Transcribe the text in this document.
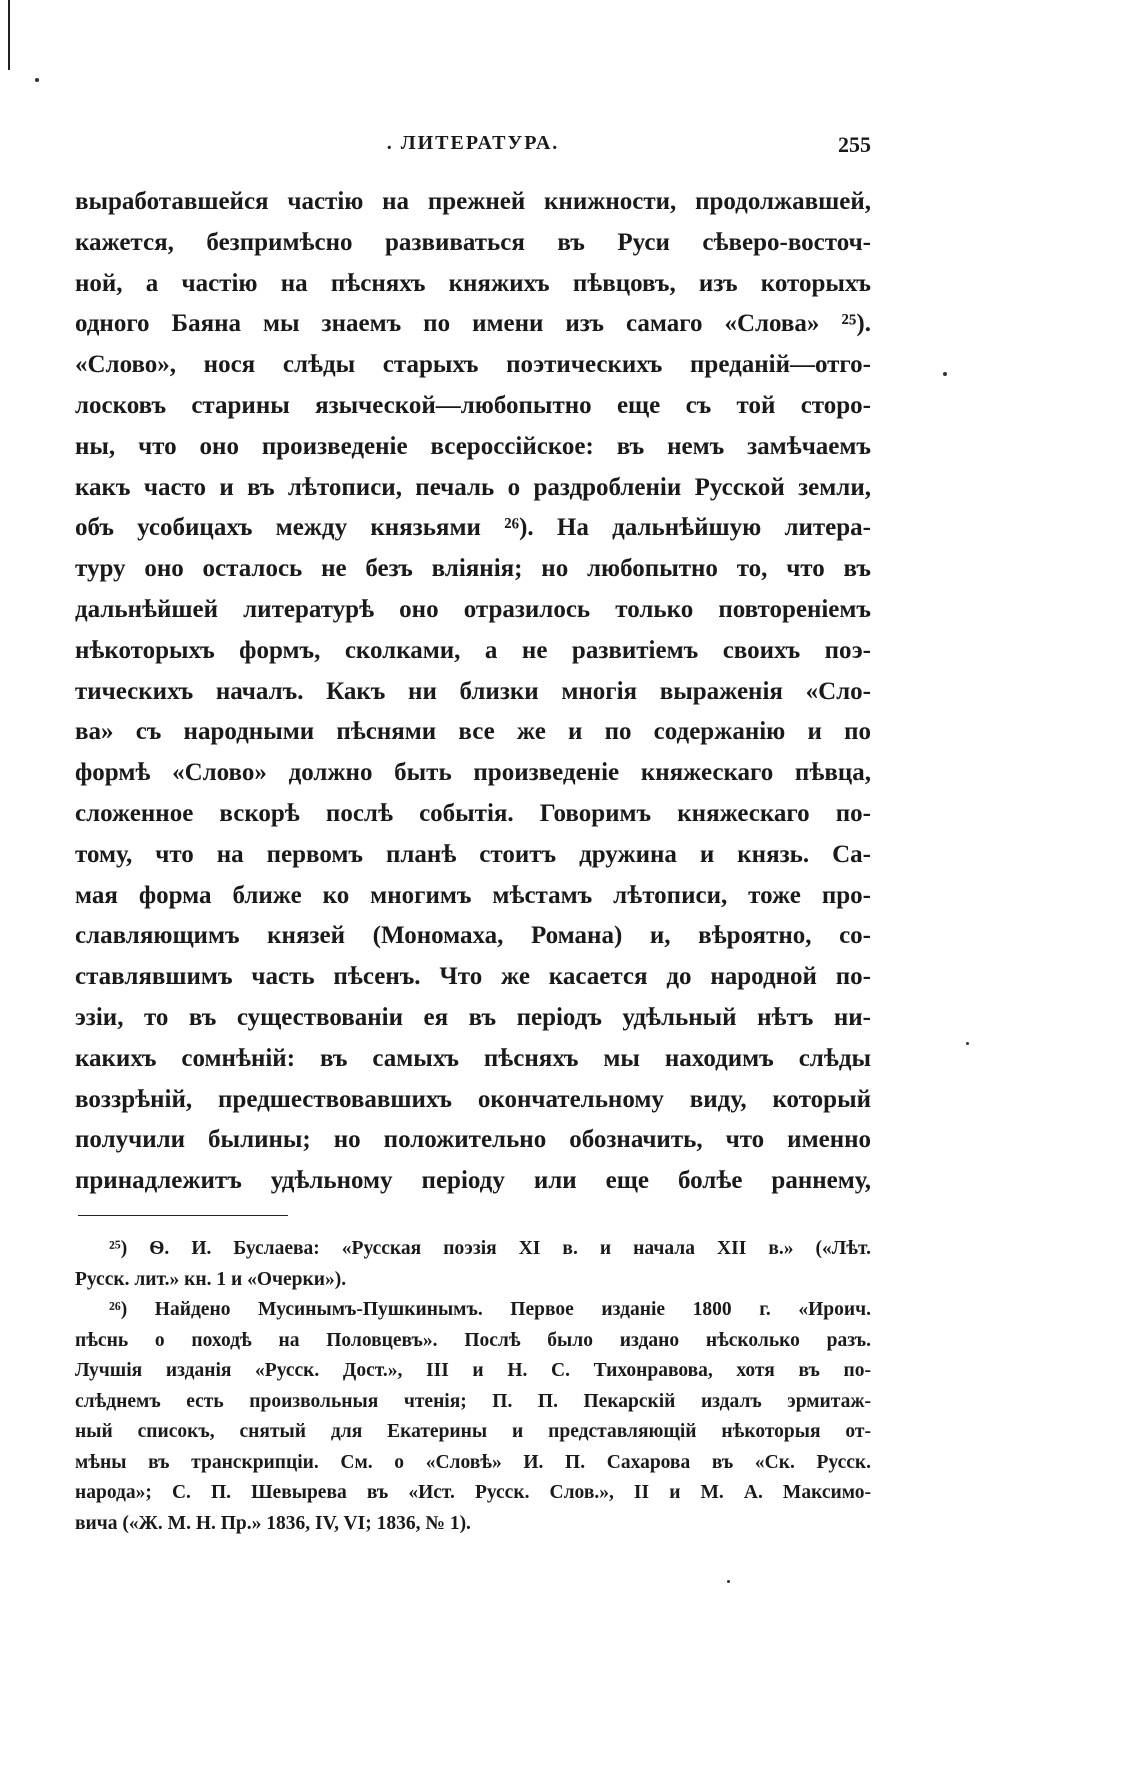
. ЛИТЕРАТУРА.	255
выработавшейся частію на прежней книжности, продолжавшей,
кажется, безпримѣсно развиваться въ Руси сѣверо-восточ-
ной, а частію на пѣсняхъ княжихъ пѣвцовъ, изъ которыхъ
одного Баяна мы знаемъ по имени изъ самаго «Слова» ²⁵).
«Слово», нося слѣды старыхъ поэтическихъ преданій—отго-
лосковъ старины языческой—любопытно еще съ той сторо-
ны, что оно произведеніе всероссійское: въ немъ замѣчаемъ
какъ часто и въ лѣтописи, печаль о раздробленіи Русской земли,
объ усобицахъ между князьями ²⁶). На дальнѣйшую литера-
туру оно осталось не безъ вліянія; но любопытно то, что въ
дальнѣйшей литературѣ оно отразилось только повтореніемъ
нѣкоторыхъ формъ, сколками, а не развитіемъ своихъ поэ-
тическихъ началъ. Какъ ни близки многія выраженія «Сло-
ва» съ народными пѣснями все же и по содержанію и по
формѣ «Слово» должно быть произведеніе княжескаго пѣвца,
сложенное вскорѣ послѣ событія. Говоримъ княжескаго по-
тому, что на первомъ планѣ стоитъ дружина и князь. Са-
мая форма ближе ко многимъ мѣстамъ лѣтописи, тоже про-
славляющимъ князей (Мономаха, Романа) и, вѣроятно, со-
ставлявшимъ часть пѣсенъ. Что же касается до народной по-
эзіи, то въ существованіи ея въ періодъ удѣльный нѣтъ ни-
какихъ сомнѣній: въ самыхъ пѣсняхъ мы находимъ слѣды
воззрѣній, предшествовавшихъ окончательному виду, который
получили былины; но положительно обозначить, что именно
принадлежитъ удѣльному періоду или еще болѣе раннему,
²⁵) Ѳ. И. Буслаева: «Русская поэзія XI в. и начала XII в.» («Лѣт.
Русск. лит.» кн. 1 и «Очерки»).
²⁶) Найдено Мусинымъ-Пушкинымъ. Первое изданіе 1800 г. «Ироич.
пѣснь о походѣ на Половцевъ». Послѣ было издано нѣсколько разъ.
Лучшія изданія «Русск. Дост.», III и Н. С. Тихонравова, хотя въ по-
слѣднемъ есть произвольныя чтенія; П. П. Пекарскій издалъ эрмитаж-
ный списокъ, снятый для Екатерины и представляющій нѣкоторыя от-
мѣны въ транскрипціи. См. о «Словѣ» И. П. Сахарова въ «Ск. Русск.
народа»; С. П. Шевырева въ «Ист. Русск. Слов.», II и М. А. Максимо-
вича («Ж. М. Н. Пр.» 1836, IV, VI; 1836, № 1).
